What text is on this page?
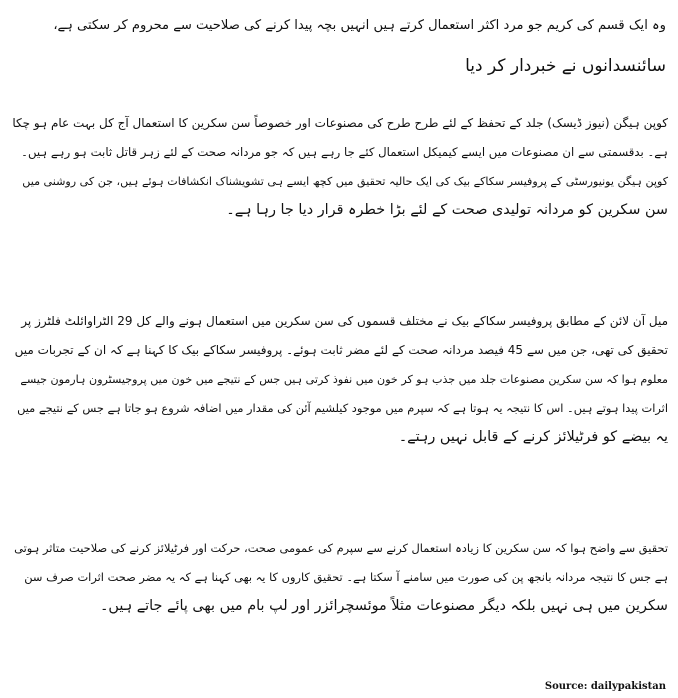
وہ ایک قسم کی کریم جو مرد اکثر استعمال کرتے ہیں انہیں بچہ پیدا کرنے کی صلاحیت سے محروم کر سکتی ہے،
سائنسدانوں نے خبردار کر دیا

کوپن ہیگن (نیوز ڈیسک) جلد کے تحفظ کے لئے طرح طرح کی مصنوعات اور خصوصاً سن سکرین کا استعمال آج کل بہت عام ہو چکا
ہے۔ بدقسمتی سے ان مصنوعات میں ایسے کیمیکل استعمال کئے جا رہے ہیں کہ جو مردانہ صحت کے لئے زہر قاتل ثابت ہو رہے ہیں۔
کوپن ہیگن یونیورسٹی کے پروفیسر سکاکے بیک کی ایک حالیہ تحقیق میں کچھ ایسے ہی تشویشناک انکشافات ہوئے ہیں، جن کی روشنی میں
سن سکرین کو مردانہ تولیدی صحت کے لئے بڑا خطرہ قرار دیا جا رہا ہے۔

میل آن لائن کے مطابق پروفیسر سکاکے بیک نے مختلف قسموں کی سن سکرین میں استعمال ہونے والے کل 29 الٹراوائلٹ فلٹرز پر
تحقیق کی تھی، جن میں سے 45 فیصد مردانہ صحت کے لئے مضر ثابت ہوئے۔ پروفیسر سکاکے بیک کا کہنا ہے کہ ان کے تجربات میں
معلوم ہوا کہ سن سکرین مصنوعات جلد میں جذب ہو کر خون میں نفوذ کرتی ہیں جس کے نتیجے میں خون میں پروجیسٹرون ہارمون جیسے
اثرات پیدا ہوتے ہیں۔ اس کا نتیجہ یہ ہوتا ہے کہ سپرم میں موجود کیلشیم آئن کی مقدار میں اضافہ شروع ہو جاتا ہے جس کے نتیجے میں
یہ بیضے کو فرٹیلائز کرنے کے قابل نہیں رہتے۔

تحقیق سے واضح ہوا کہ سن سکرین کا زیادہ استعمال کرنے سے سپرم کی عمومی صحت، حرکت اور فرٹیلائز کرنے کی صلاحیت متاثر ہوتی
ہے جس کا نتیجہ مردانہ بانجھ پن کی صورت میں سامنے آ سکتا ہے۔ تحقیق کاروں کا یہ بھی کہنا ہے کہ یہ مضر صحت اثرات صرف سن
سکرین میں ہی نہیں بلکہ دیگر مصنوعات مثلاً موئسچرائزر اور لپ بام میں بھی پائے جاتے ہیں۔

Source: dailypakistan
